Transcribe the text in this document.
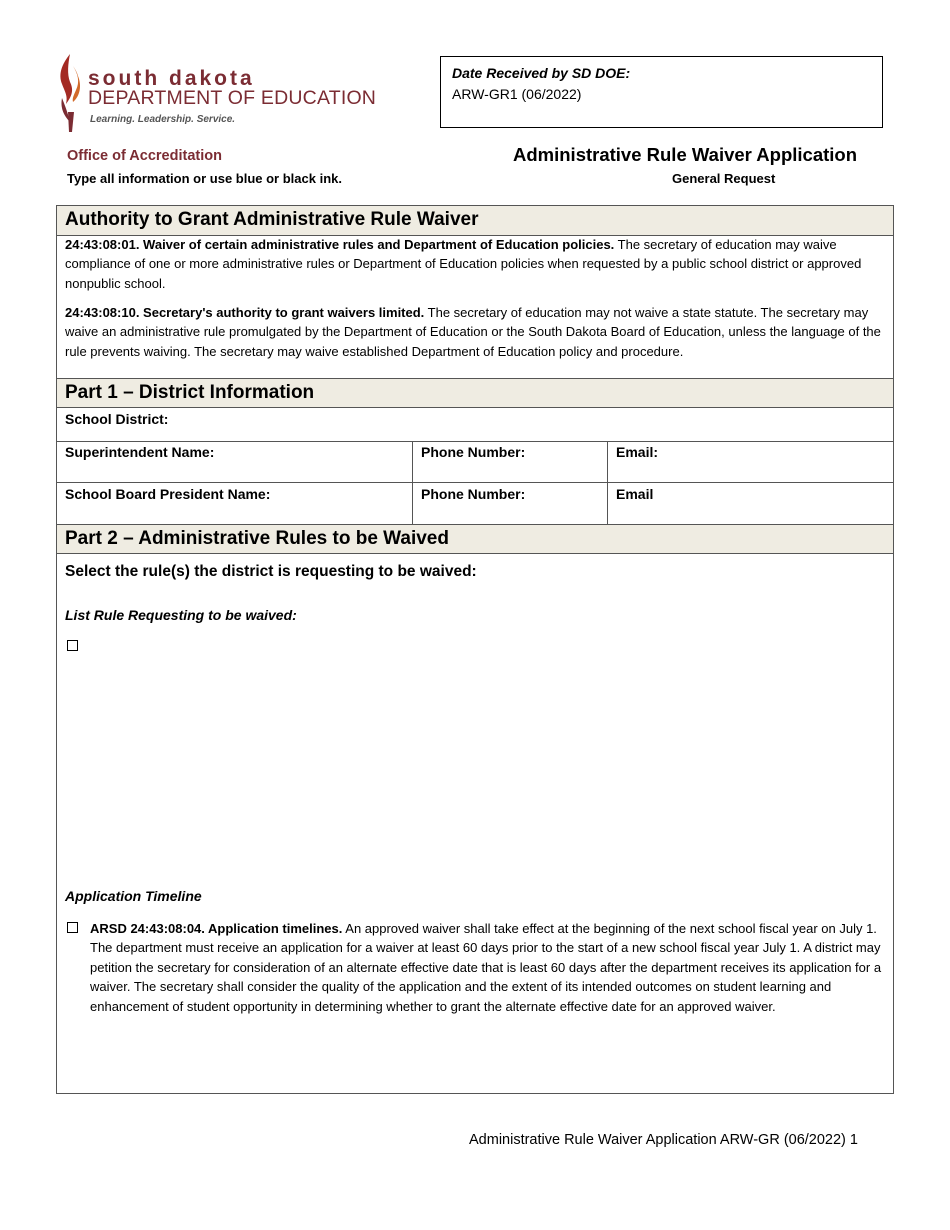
south dakota
DEPARTMENT OF EDUCATION
Learning. Leadership. Service.
Date Received by SD DOE:
ARW-GR1 (06/2022)
Office of Accreditation
Type all information or use blue or black ink.
Administrative Rule Waiver Application
General Request
Authority to Grant Administrative Rule Waiver
24:43:08:01. Waiver of certain administrative rules and Department of Education policies. The secretary of education may waive compliance of one or more administrative rules or Department of Education policies when requested by a public school district or approved nonpublic school.
24:43:08:10. Secretary's authority to grant waivers limited. The secretary of education may not waive a state statute. The secretary may waive an administrative rule promulgated by the Department of Education or the South Dakota Board of Education, unless the language of the rule prevents waiving. The secretary may waive established Department of Education policy and procedure.
Part 1 – District Information
School District:
Superintendent Name:	Phone Number:	Email:
School Board President Name:	Phone Number:	Email
Part 2 – Administrative Rules to be Waived
Select the rule(s) the district is requesting to be waived:
List Rule Requesting to be waived:
Application Timeline
ARSD 24:43:08:04. Application timelines. An approved waiver shall take effect at the beginning of the next school fiscal year on July 1. The department must receive an application for a waiver at least 60 days prior to the start of a new school fiscal year July 1. A district may petition the secretary for consideration of an alternate effective date that is least 60 days after the department receives its application for a waiver. The secretary shall consider the quality of the application and the extent of its intended outcomes on student learning and enhancement of student opportunity in determining whether to grant the alternate effective date for an approved waiver.
Administrative Rule Waiver Application ARW-GR (06/2022) 1
